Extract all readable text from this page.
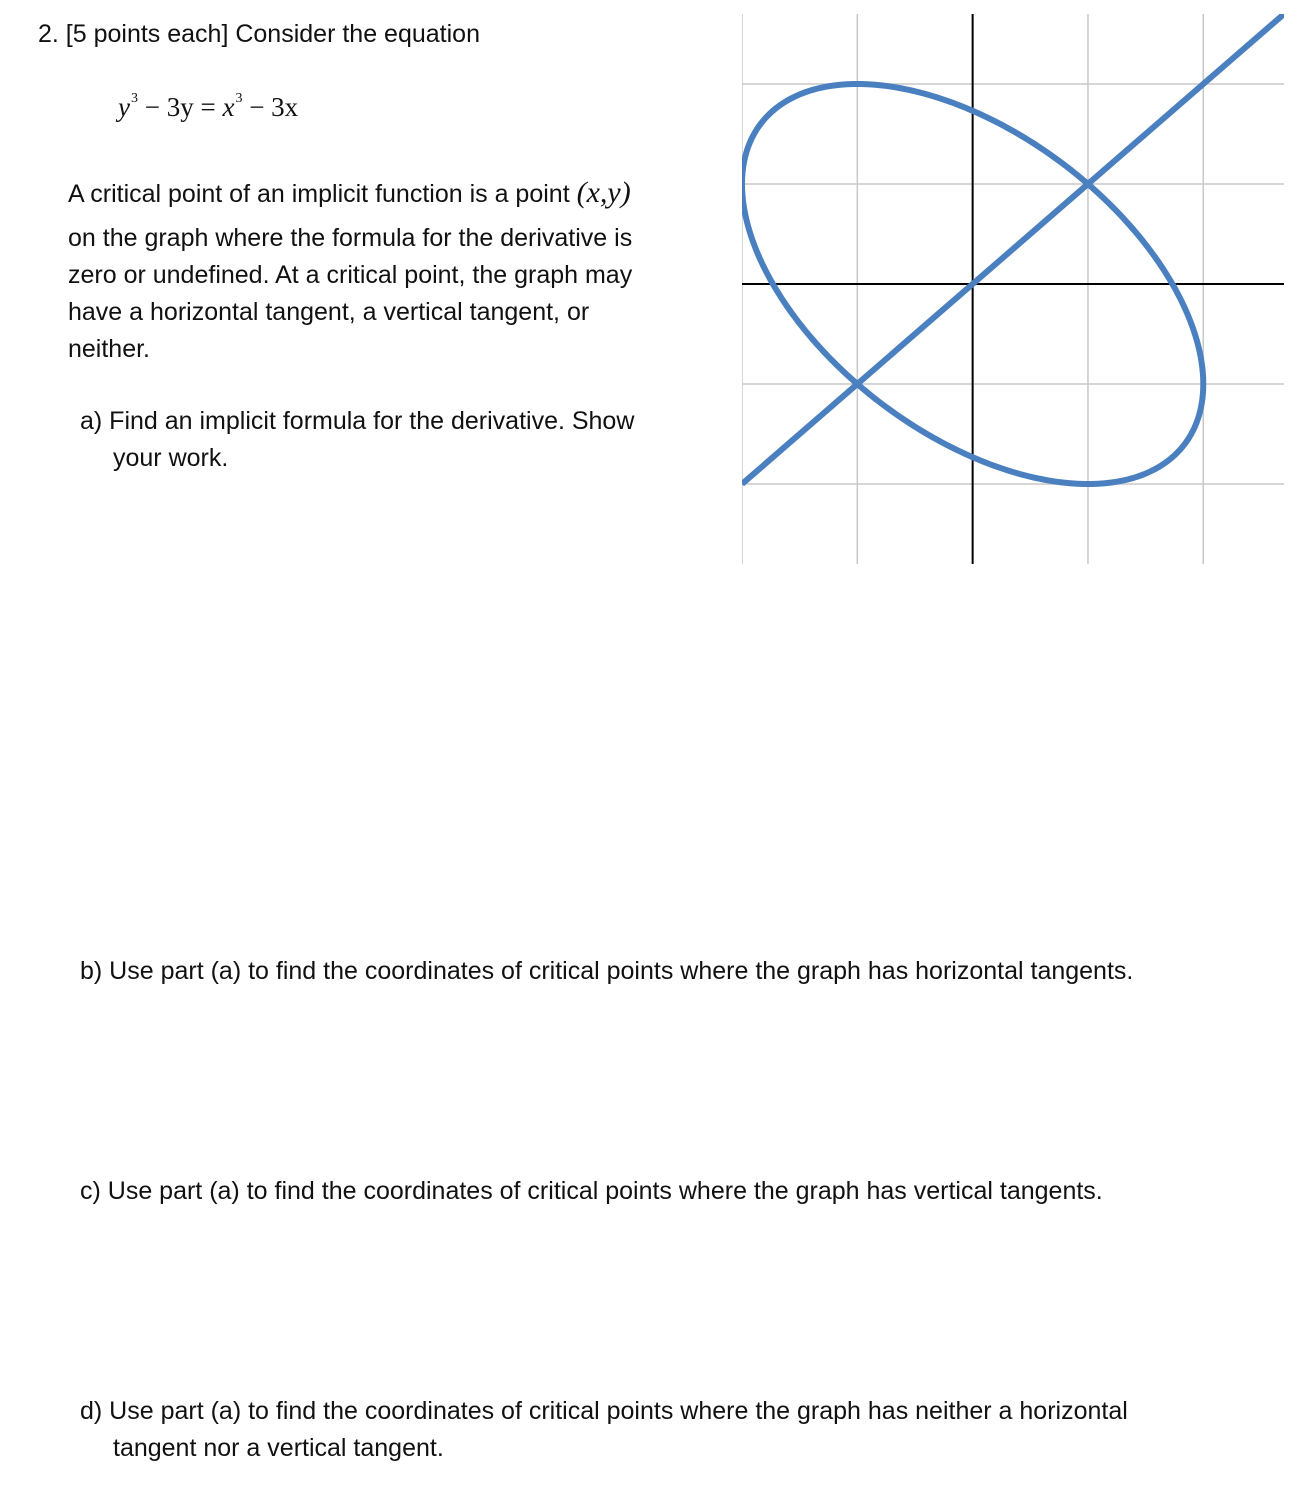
2. [5 points each] Consider the equation
$y^3 - 3y = x^3 - 3x$
A critical point of an implicit function is a point (x,y)
on the graph where the formula for the derivative is
zero or undefined. At a critical point, the graph may
have a horizontal tangent, a vertical tangent, or
neither.
a) Find an implicit formula for the derivative. Show
your work.
b) Use part (a) to find the coordinates of critical points where the graph has horizontal tangents.
c) Use part (a) to find the coordinates of critical points where the graph has vertical tangents.
d) Use part (a) to find the coordinates of critical points where the graph has neither a horizontal
tangent nor a vertical tangent.
